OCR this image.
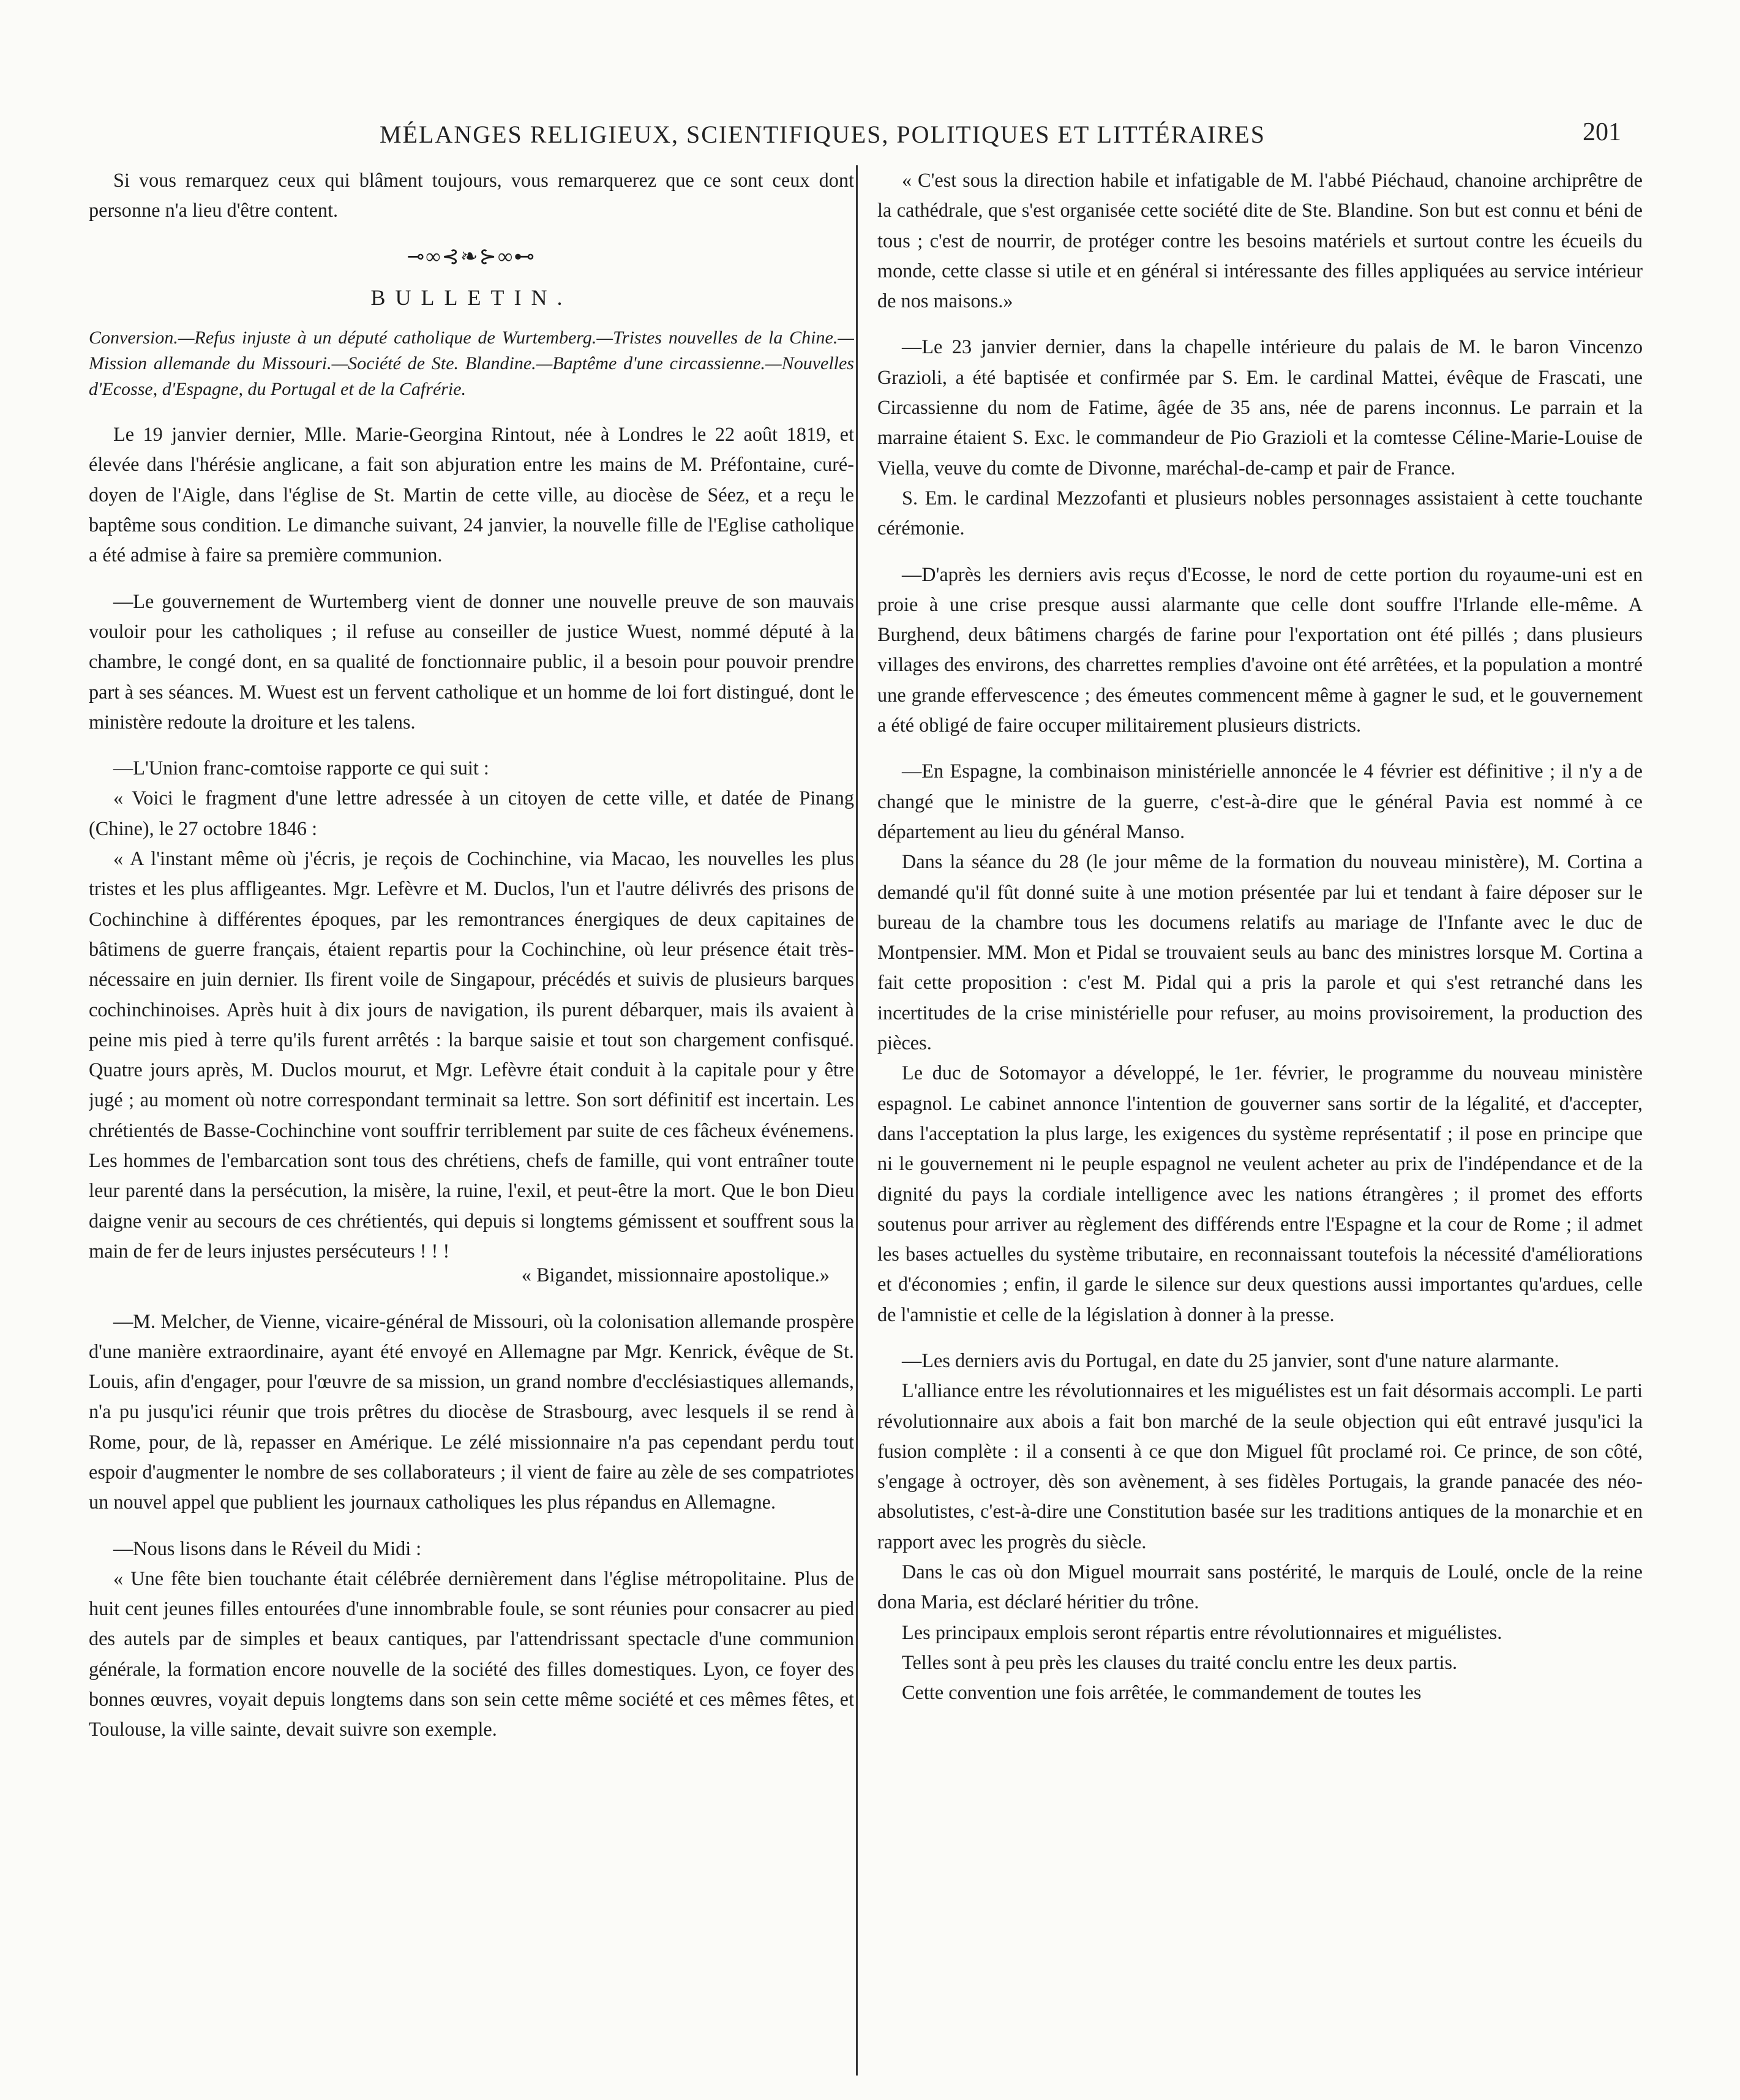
MÉLANGES RELIGIEUX, SCIENTIFIQUES, POLITIQUES ET LITTÉRAIRES	201

Si vous remarquez ceux qui blâment toujours, vous remarquerez que ce sont ceux dont personne n'a lieu d'être content.

⊸∞⊰❧⊱∞⊷
BULLETIN.

Conversion.—Refus injuste à un député catholique de Wurtemberg.—Tristes nouvelles de la Chine.—Mission allemande du Missouri.—Société de Ste. Blandine.—Baptême d'une circassienne.—Nouvelles d'Ecosse, d'Espagne, du Portugal et de la Cafrérie.

Le 19 janvier dernier, Mlle. Marie-Georgina Rintout, née à Londres le 22 août 1819, et élevée dans l'hérésie anglicane, a fait son abjuration entre les mains de M. Préfontaine, curé-doyen de l'Aigle, dans l'église de St. Martin de cette ville, au diocèse de Séez, et a reçu le baptême sous condition. Le dimanche suivant, 24 janvier, la nouvelle fille de l'Eglise catholique a été admise à faire sa première communion.

—Le gouvernement de Wurtemberg vient de donner une nouvelle preuve de son mauvais vouloir pour les catholiques ; il refuse au conseiller de justice Wuest, nommé député à la chambre, le congé dont, en sa qualité de fonctionnaire public, il a besoin pour pouvoir prendre part à ses séances. M. Wuest est un fervent catholique et un homme de loi fort distingué, dont le ministère redoute la droiture et les talens.

—L'Union franc-comtoise rapporte ce qui suit :

« Voici le fragment d'une lettre adressée à un citoyen de cette ville, et datée de Pinang (Chine), le 27 octobre 1846 :

« A l'instant même où j'écris, je reçois de Cochinchine, via Macao, les nouvelles les plus tristes et les plus affligeantes. Mgr. Lefèvre et M. Duclos, l'un et l'autre délivrés des prisons de Cochinchine à différentes époques, par les remontrances énergiques de deux capitaines de bâtimens de guerre français, étaient repartis pour la Cochinchine, où leur présence était très-nécessaire en juin dernier. Ils firent voile de Singapour, précédés et suivis de plusieurs barques cochinchinoises. Après huit à dix jours de navigation, ils purent débarquer, mais ils avaient à peine mis pied à terre qu'ils furent arrêtés : la barque saisie et tout son chargement confisqué. Quatre jours après, M. Duclos mourut, et Mgr. Lefèvre était conduit à la capitale pour y être jugé ; au moment où notre correspondant terminait sa lettre. Son sort définitif est incertain. Les chrétientés de Basse-Cochinchine vont souffrir terriblement par suite de ces fâcheux événemens. Les hommes de l'embarcation sont tous des chrétiens, chefs de famille, qui vont entraîner toute leur parenté dans la persécution, la misère, la ruine, l'exil, et peut-être la mort. Que le bon Dieu daigne venir au secours de ces chrétientés, qui depuis si longtems gémissent et souffrent sous la main de fer de leurs injustes persécuteurs ! ! !

« Bigandet, missionnaire apostolique.»

—M. Melcher, de Vienne, vicaire-général de Missouri, où la colonisation allemande prospère d'une manière extraordinaire, ayant été envoyé en Allemagne par Mgr. Kenrick, évêque de St. Louis, afin d'engager, pour l'œuvre de sa mission, un grand nombre d'ecclésiastiques allemands, n'a pu jusqu'ici réunir que trois prêtres du diocèse de Strasbourg, avec lesquels il se rend à Rome, pour, de là, repasser en Amérique. Le zélé missionnaire n'a pas cependant perdu tout espoir d'augmenter le nombre de ses collaborateurs ; il vient de faire au zèle de ses compatriotes un nouvel appel que publient les journaux catholiques les plus répandus en Allemagne.

—Nous lisons dans le Réveil du Midi :

« Une fête bien touchante était célébrée dernièrement dans l'église métropolitaine. Plus de huit cent jeunes filles entourées d'une innombrable foule, se sont réunies pour consacrer au pied des autels par de simples et beaux cantiques, par l'attendrissant spectacle d'une communion générale, la formation encore nouvelle de la société des filles domestiques. Lyon, ce foyer des bonnes œuvres, voyait depuis longtems dans son sein cette même société et ces mêmes fêtes, et Toulouse, la ville sainte, devait suivre son exemple.

« C'est sous la direction habile et infatigable de M. l'abbé Piéchaud, chanoine archiprêtre de la cathédrale, que s'est organisée cette société dite de Ste. Blandine. Son but est connu et béni de tous ; c'est de nourrir, de protéger contre les besoins matériels et surtout contre les écueils du monde, cette classe si utile et en général si intéressante des filles appliquées au service intérieur de nos maisons.»

—Le 23 janvier dernier, dans la chapelle intérieure du palais de M. le baron Vincenzo Grazioli, a été baptisée et confirmée par S. Em. le cardinal Mattei, évêque de Frascati, une Circassienne du nom de Fatime, âgée de 35 ans, née de parens inconnus. Le parrain et la marraine étaient S. Exc. le commandeur de Pio Grazioli et la comtesse Céline-Marie-Louise de Viella, veuve du comte de Divonne, maréchal-de-camp et pair de France.

S. Em. le cardinal Mezzofanti et plusieurs nobles personnages assistaient à cette touchante cérémonie.

—D'après les derniers avis reçus d'Ecosse, le nord de cette portion du royaume-uni est en proie à une crise presque aussi alarmante que celle dont souffre l'Irlande elle-même. A Burghend, deux bâtimens chargés de farine pour l'exportation ont été pillés ; dans plusieurs villages des environs, des charrettes remplies d'avoine ont été arrêtées, et la population a montré une grande effervescence ; des émeutes commencent même à gagner le sud, et le gouvernement a été obligé de faire occuper militairement plusieurs districts.

—En Espagne, la combinaison ministérielle annoncée le 4 février est définitive ; il n'y a de changé que le ministre de la guerre, c'est-à-dire que le général Pavia est nommé à ce département au lieu du général Manso.

Dans la séance du 28 (le jour même de la formation du nouveau ministère), M. Cortina a demandé qu'il fût donné suite à une motion présentée par lui et tendant à faire déposer sur le bureau de la chambre tous les documens relatifs au mariage de l'Infante avec le duc de Montpensier. MM. Mon et Pidal se trouvaient seuls au banc des ministres lorsque M. Cortina a fait cette proposition : c'est M. Pidal qui a pris la parole et qui s'est retranché dans les incertitudes de la crise ministérielle pour refuser, au moins provisoirement, la production des pièces.

Le duc de Sotomayor a développé, le 1er. février, le programme du nouveau ministère espagnol. Le cabinet annonce l'intention de gouverner sans sortir de la légalité, et d'accepter, dans l'acceptation la plus large, les exigences du système représentatif ; il pose en principe que ni le gouvernement ni le peuple espagnol ne veulent acheter au prix de l'indépendance et de la dignité du pays la cordiale intelligence avec les nations étrangères ; il promet des efforts soutenus pour arriver au règlement des différends entre l'Espagne et la cour de Rome ; il admet les bases actuelles du système tributaire, en reconnaissant toutefois la nécessité d'améliorations et d'économies ; enfin, il garde le silence sur deux questions aussi importantes qu'ardues, celle de l'amnistie et celle de la législation à donner à la presse.

—Les derniers avis du Portugal, en date du 25 janvier, sont d'une nature alarmante.

L'alliance entre les révolutionnaires et les miguélistes est un fait désormais accompli. Le parti révolutionnaire aux abois a fait bon marché de la seule objection qui eût entravé jusqu'ici la fusion complète : il a consenti à ce que don Miguel fût proclamé roi. Ce prince, de son côté, s'engage à octroyer, dès son avènement, à ses fidèles Portugais, la grande panacée des néo-absolutistes, c'est-à-dire une Constitution basée sur les traditions antiques de la monarchie et en rapport avec les progrès du siècle.

Dans le cas où don Miguel mourrait sans postérité, le marquis de Loulé, oncle de la reine dona Maria, est déclaré héritier du trône.

Les principaux emplois seront répartis entre révolutionnaires et miguélistes.

Telles sont à peu près les clauses du traité conclu entre les deux partis.

Cette convention une fois arrêtée, le commandement de toutes les
